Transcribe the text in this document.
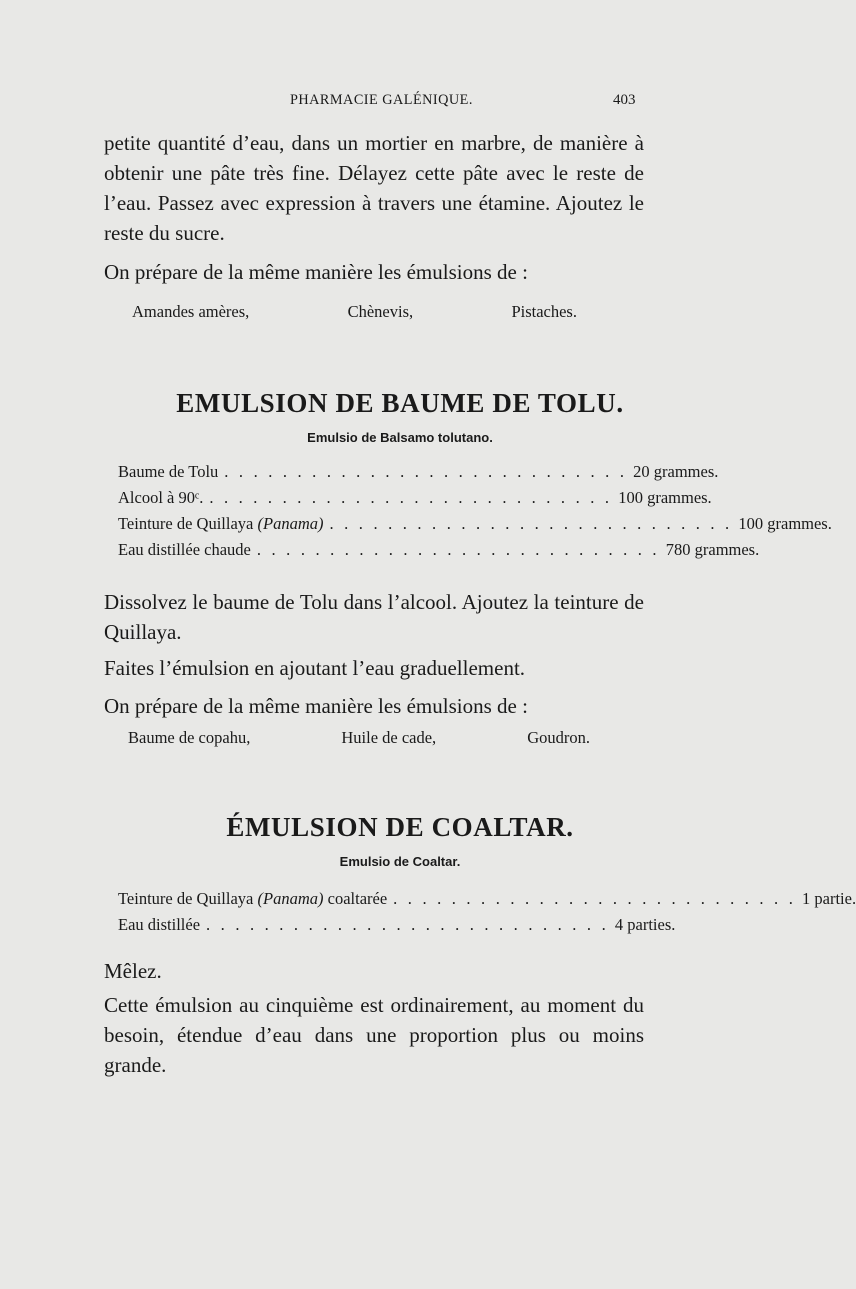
PHARMACIE GALÉNIQUE.	403

petite quantité d’eau, dans un mortier en marbre, de manière à obtenir une pâte très fine. Délayez cette pâte avec le reste de l’eau. Passez avec expression à travers une étamine. Ajoutez le reste du sucre.

On prépare de la même manière les émulsions de :

Amandes amères,	Chènevis,	Pistaches.
EMULSION DE BAUME DE TOLU.
Emulsio de Balsamo tolutano.
Baume de Tolu . . . . . . . . . . . . . . . . . . . . . . . . . . . . 20 grammes.
Alcool à 90ᶜ. . . . . . . . . . . . . . . . . . . . . . . . . . . . . 100 grammes.
Teinture de Quillaya (Panama) . . . . . . . . . . . . . . . . . . . . . . . . . . . . 100 grammes.
Eau distillée chaude . . . . . . . . . . . . . . . . . . . . . . . . . . . . 780 grammes.

Dissolvez le baume de Tolu dans l’alcool. Ajoutez la teinture de Quillaya.

Faites l’émulsion en ajoutant l’eau graduellement.

On prépare de la même manière les émulsions de :

Baume de copahu,	Huile de cade,	Goudron.
ÉMULSION DE COALTAR.
Emulsio de Coaltar.
Teinture de Quillaya (Panama) coaltarée . . . . . . . . . . . . . . . . . . . . . . . . . . . . 1 partie.
Eau distillée . . . . . . . . . . . . . . . . . . . . . . . . . . . . 4 parties.

Mêlez.

Cette émulsion au cinquième est ordinairement, au moment du besoin, étendue d’eau dans une proportion plus ou moins grande.
